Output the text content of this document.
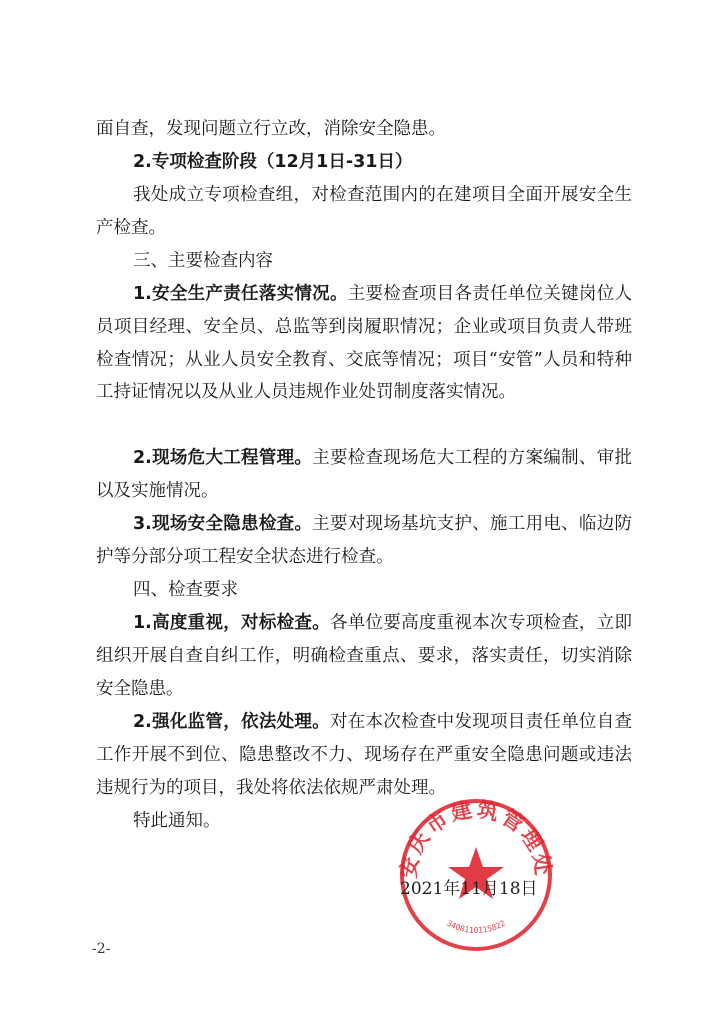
面自查，发现问题立行立改，消除安全隐患。

2.专项检查阶段（12月1日-31日）

我处成立专项检查组，对检查范围内的在建项目全面开展安全生产检查。

三、主要检查内容

1.安全生产责任落实情况。主要检查项目各责任单位关键岗位人员项目经理、安全员、总监等到岗履职情况；企业或项目负责人带班检查情况；从业人员安全教育、交底等情况；项目“安管”人员和特种工持证情况以及从业人员违规作业处罚制度落实情况。

2.现场危大工程管理。主要检查现场危大工程的方案编制、审批以及实施情况。

3.现场安全隐患检查。主要对现场基坑支护、施工用电、临边防护等分部分项工程安全状态进行检查。

四、检查要求

1.高度重视，对标检查。各单位要高度重视本次专项检查，立即组织开展自查自纠工作，明确检查重点、要求，落实责任，切实消除安全隐患。

2.强化监管，依法处理。对在本次检查中发现项目责任单位自查工作开展不到位、隐患整改不力、现场存在严重安全隐患问题或违法违规行为的项目，我处将依法依规严肃处理。

特此通知。

安庆市建筑管理处
3408110115822
2021年11月18日
-2-
